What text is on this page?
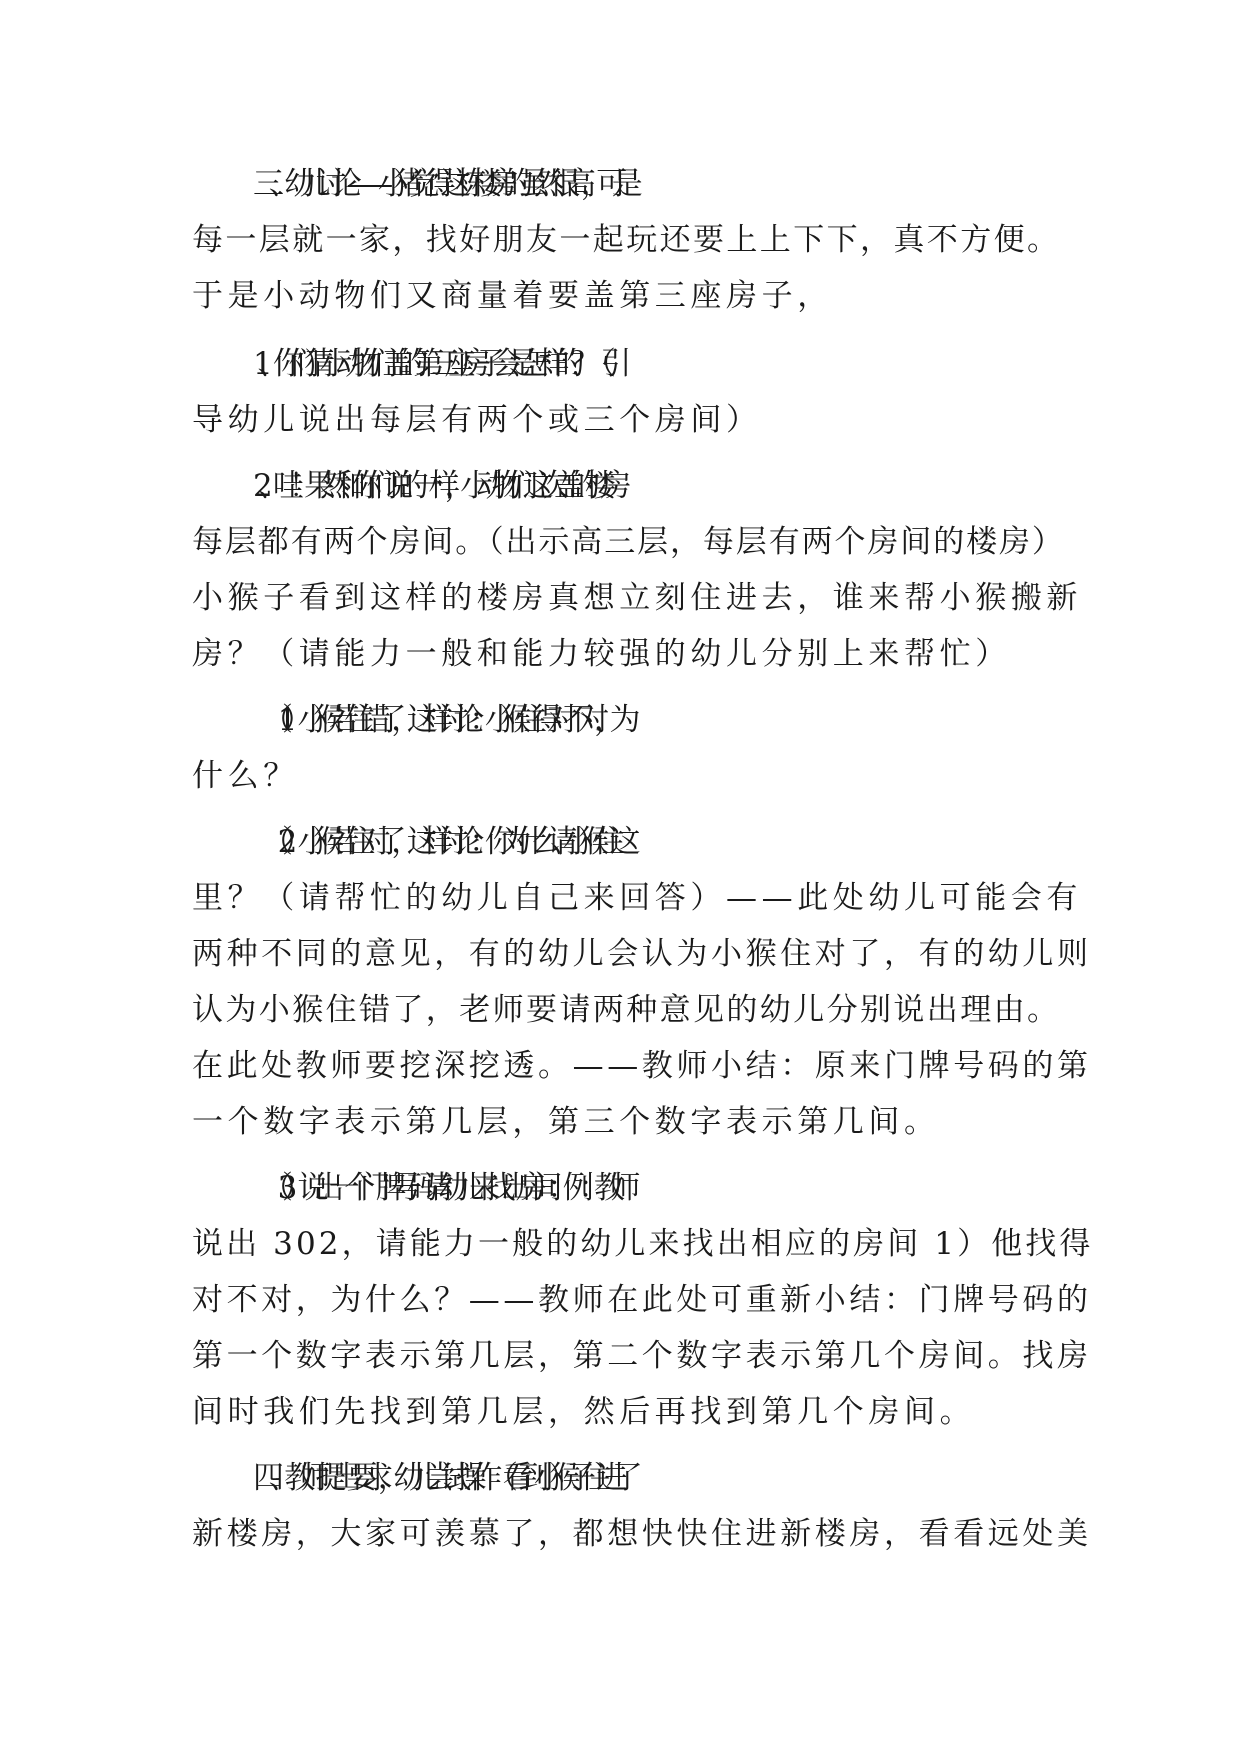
三、幼儿讨论——小猪觉得这栋楼房的虽然很高，可是
每一层就一家，找好朋友一起玩还要上上下下，真不方便。
于是小动物们又商量着要盖第三座房子，
1、你们猜小动物们盖的第三座房子会是怎样的？（引
导幼儿说出每层有两个或三个房间）
2、哇！果然和你们说的一样，小动物们这次盖的楼房
每层都有两个房间。（出示高三层，每层有两个房间的楼房）
小猴子看到这样的楼房真想立刻住进去，谁来帮小猴搬新
房？（请能力一般和能力较强的幼儿分别上来帮忙）
（1）小猴若住错了，这样讨论：小猴住得对不对，为
什么？
（2）小猴若住对了，这样讨论：你为什么请小猴住这
里？（请帮忙的幼儿自己来回答）——此处幼儿可能会有
两种不同的意见，有的幼儿会认为小猴住对了，有的幼儿则
认为小猴住错了，老师要请两种意见的幼儿分别说出理由。
在此处教师要挖深挖透。——教师小结：原来门牌号码的第
一个数字表示第几层，第三个数字表示第几间。
（3）说出一个门牌号码请幼儿来找出房间：例：教师
说出 302，请能力一般的幼儿来找出相应的房间 1）他找得
对不对，为什么？——教师在此处可重新小结：门牌号码的
第一个数字表示第几层，第二个数字表示第几个房间。找房
间时我们先找到第几层，然后再找到第几个房间。
四、教师提出要求，幼儿尝试操作（看到小猴子住进了
新楼房，大家可羡慕了，都想快快住进新楼房，看看远处美
